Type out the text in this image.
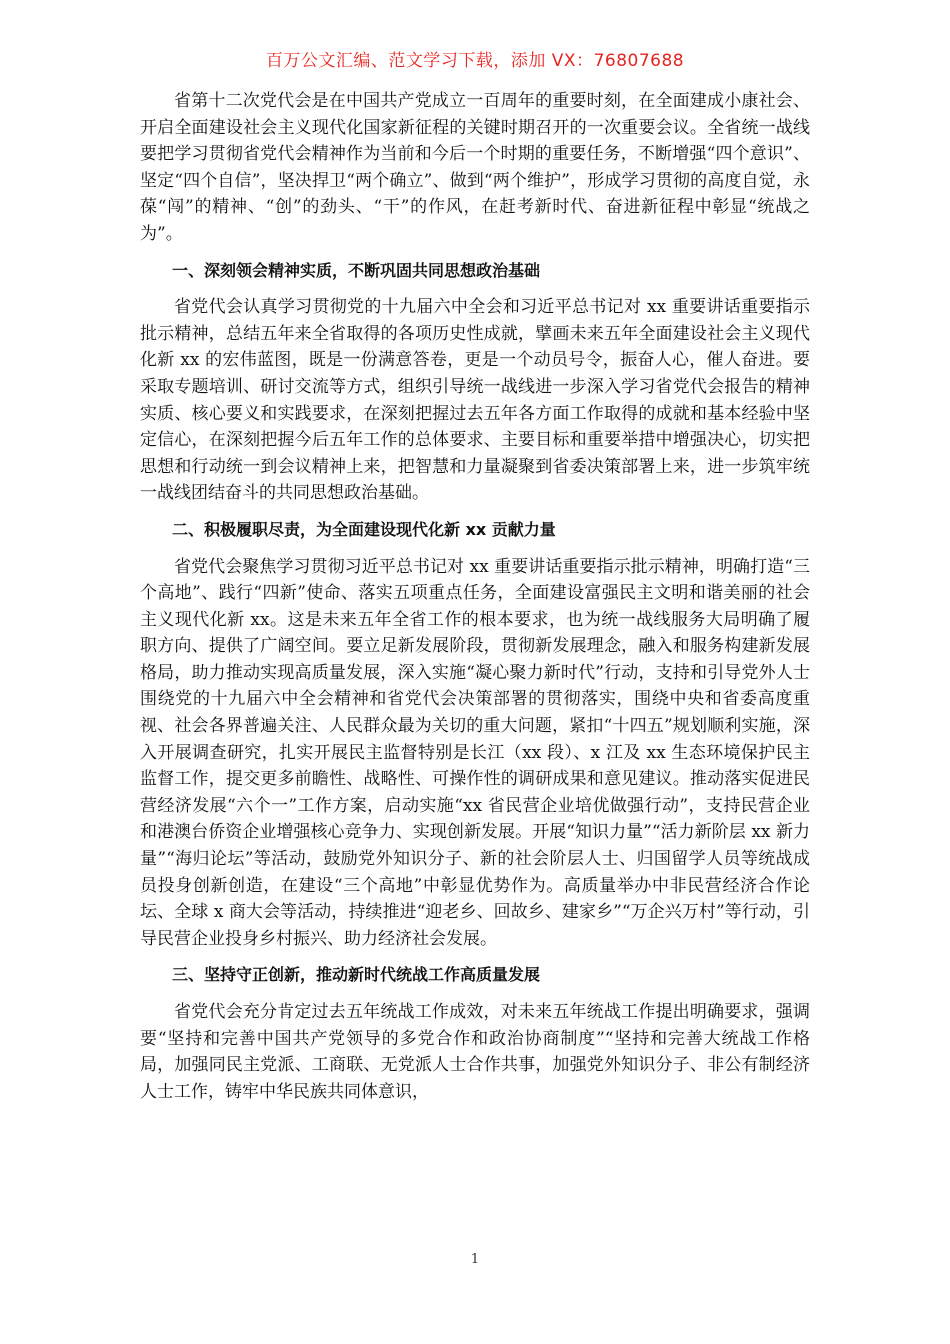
百万公文汇编、范文学习下载，添加 VX：76807688

省第十二次党代会是在中国共产党成立一百周年的重要时刻，在全面建成小康社会、开启全面建设社会主义现代化国家新征程的关键时期召开的一次重要会议。全省统一战线要把学习贯彻省党代会精神作为当前和今后一个时期的重要任务，不断增强“四个意识”、坚定“四个自信”，坚决捍卫“两个确立”、做到“两个维护”，形成学习贯彻的高度自觉，永葆“闯”的精神、“创”的劲头、“干”的作风，在赶考新时代、奋进新征程中彰显“统战之为”。

一、深刻领会精神实质，不断巩固共同思想政治基础

省党代会认真学习贯彻党的十九届六中全会和习近平总书记对 xx 重要讲话重要指示批示精神，总结五年来全省取得的各项历史性成就，擘画未来五年全面建设社会主义现代化新 xx 的宏伟蓝图，既是一份满意答卷，更是一个动员号令，振奋人心，催人奋进。要采取专题培训、研讨交流等方式，组织引导统一战线进一步深入学习省党代会报告的精神实质、核心要义和实践要求，在深刻把握过去五年各方面工作取得的成就和基本经验中坚定信心，在深刻把握今后五年工作的总体要求、主要目标和重要举措中增强决心，切实把思想和行动统一到会议精神上来，把智慧和力量凝聚到省委决策部署上来，进一步筑牢统一战线团结奋斗的共同思想政治基础。

二、积极履职尽责，为全面建设现代化新 xx 贡献力量

省党代会聚焦学习贯彻习近平总书记对 xx 重要讲话重要指示批示精神，明确打造“三个高地”、践行“四新”使命、落实五项重点任务，全面建设富强民主文明和谐美丽的社会主义现代化新 xx。这是未来五年全省工作的根本要求，也为统一战线服务大局明确了履职方向、提供了广阔空间。要立足新发展阶段，贯彻新发展理念，融入和服务构建新发展格局，助力推动实现高质量发展，深入实施“凝心聚力新时代”行动，支持和引导党外人士围绕党的十九届六中全会精神和省党代会决策部署的贯彻落实，围绕中央和省委高度重视、社会各界普遍关注、人民群众最为关切的重大问题，紧扣“十四五”规划顺利实施，深入开展调查研究，扎实开展民主监督特别是长江（xx 段）、x 江及 xx 生态环境保护民主监督工作，提交更多前瞻性、战略性、可操作性的调研成果和意见建议。推动落实促进民营经济发展“六个一”工作方案，启动实施“xx 省民营企业培优做强行动”，支持民营企业和港澳台侨资企业增强核心竞争力、实现创新发展。开展“知识力量”“活力新阶层 xx 新力量”“海归论坛”等活动，鼓励党外知识分子、新的社会阶层人士、归国留学人员等统战成员投身创新创造，在建设“三个高地”中彰显优势作为。高质量举办中非民营经济合作论坛、全球 x 商大会等活动，持续推进“迎老乡、回故乡、建家乡”“万企兴万村”等行动，引导民营企业投身乡村振兴、助力经济社会发展。

三、坚持守正创新，推动新时代统战工作高质量发展

省党代会充分肯定过去五年统战工作成效，对未来五年统战工作提出明确要求，强调要“坚持和完善中国共产党领导的多党合作和政治协商制度”“坚持和完善大统战工作格局，加强同民主党派、工商联、无党派人士合作共事，加强党外知识分子、非公有制经济人士工作，铸牢中华民族共同体意识，

1
